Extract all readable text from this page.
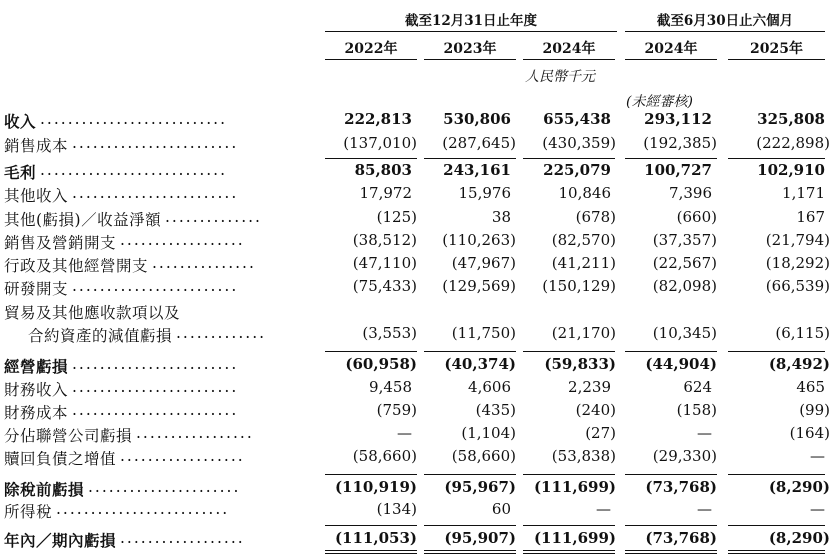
截至12月31日止年度	截至6月30日止六個月
2022年	2023年	2024年	2024年	2025年
人民幣千元
(未經審核)
收入 ...........................	222,813 530,806 655,438 293,112	325,808
銷售成本 ........................	(137,010) (287,645) (430,359) (192,385)	(222,898)
毛利 ...........................	85,803 243,161 225,079 100,727	102,910
其他收入 ........................	17,972	15,976	10,846	7,396	1,171
其他(虧損)／收益淨額 ..............	(125)	38	(678)	(660)	167
銷售及營銷開支 ..................	(38,512) (110,263) (82,570) (37,357)	(21,794)
行政及其他經營開支 ...............	(47,110) (47,967) (41,211) (22,567)	(18,292)
研發開支 ........................	(75,433) (129,569) (150,129) (82,098)	(66,539)
貿易及其他應收款項以及
合約資產的減值虧損 .............	(3,553) (11,750) (21,170) (10,345)	(6,115)
經營虧損 ........................	(60,958) (40,374) (59,833) (44,904)	(8,492)
財務收入 ........................	9,458	4,606	2,239	624	465
財務成本 ........................	(759)	(435)	(240)	(158)	(99)
分佔聯營公司虧損 .................	—	(1,104)	(27)	—	(164)
贖回負債之增值 ..................	(58,660) (58,660) (53,838) (29,330)	—
除稅前虧損 ......................	(110,919) (95,967) (111,699) (73,768)	(8,290)
所得稅 .........................	(134)	60	—	—	—
年內／期內虧損 ..................	(111,053) (95,907) (111,699) (73,768)	(8,290)
